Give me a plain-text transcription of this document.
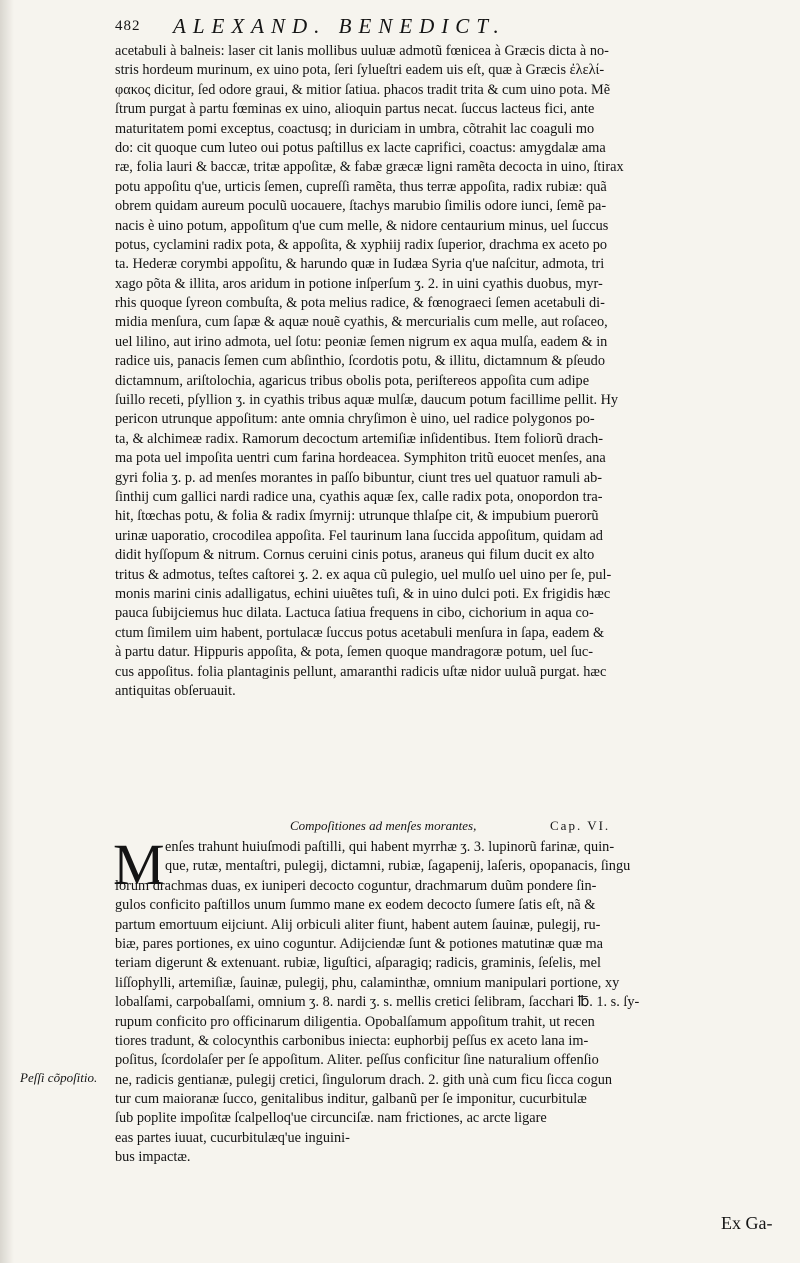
482 ALEXAND. BENEDICT.
acetabuli à balneis: laser cit lanis mollibus uuluæ admotũ fœnicea à Græcis dicta à no-
stris hordeum murinum, ex uino pota, ſeri ſylueſtri eadem uis eſt, quæ à Græcis ἐλελί-
φακος dicitur, ſed odore graui, & mitior ſatiua. phacos tradit trita & cum uino pota. Mẽ
ſtrum purgat à partu fœminas ex uino, alioquin partus necat. ſuccus lacteus fici, ante
maturitatem pomi exceptus, coactusq; in duriciam in umbra, cõtrahit lac coaguli mo
do: cit quoque cum luteo oui potus paſtillus ex lacte caprifici, coactus: amygdalæ ama
ræ, folia lauri & baccæ, tritæ appoſitæ, & fabæ græcæ ligni ramẽta decocta in uino, ſtirax
potu appoſitu q'ue, urticis ſemen, cupreſſi ramẽta, thus terræ appoſita, radix rubiæ: quã
obrem quidam aureum poculũ uocauere, ſtachys marubio ſimilis odore iunci, ſemẽ pa-
nacis è uino potum, appoſitum q'ue cum melle, & nidore centaurium minus, uel ſuccus
potus, cyclamini radix pota, & appoſita, & xyphiĳ radix ſuperior, drachma ex aceto po
ta. Hederæ corymbi appoſitu, & harundo quæ in Iudæa Syria q'ue naſcitur, admota, tri
xago põta & illita, aros aridum in potione inſperſum ʒ. 2. in uini cyathis duobus, myr-
rhis quoque ſyreon combuſta, & pota melius radice, & fœnograeci ſemen acetabuli di-
midia menſura, cum ſapæ & aquæ nouẽ cyathis, & mercurialis cum melle, aut roſaceo,
uel lilino, aut irino admota, uel ſotu: peoniæ ſemen nigrum ex aqua mulſa, eadem & in
radice uis, panacis ſemen cum abſinthio, ſcordotis potu, & illitu, dictamnum & pſeudo
dictamnum, ariſtolochia, agaricus tribus obolis pota, periſtereos appoſita cum adipe
ſuillo receti, pſyllion ʒ. in cyathis tribus aquæ mulſæ, daucum potum facillime pellit. Hy
pericon utrunque appoſitum: ante omnia chryſimon è uino, uel radice polygonos po-
ta, & alchimeæ radix. Ramorum decoctum artemiſiæ inſidentibus. Item foliorũ drach-
ma pota uel impoſita uentri cum farina hordeacea. Symphiton tritũ euocet menſes, ana
gyri folia ʒ. p. ad menſes morantes in paſſo bibuntur, ciunt tres uel quatuor ramuli ab-
ſinthĳ cum gallici nardi radice una, cyathis aquæ ſex, calle radix pota, onopordon tra-
hit, ſtœchas potu, & folia & radix ſmyrnĳ: utrunque thlaſpe cit, & impubium puerorũ
urinæ uaporatio, crocodilea appoſita. Fel taurinum lana ſuccida appoſitum, quidam ad
didit hyſſopum & nitrum. Cornus ceruini cinis potus, araneus qui filum ducit ex alto
tritus & admotus, teſtes caſtorei ʒ. 2. ex aqua cũ pulegio, uel mulſo uel uino per ſe, pul-
monis marini cinis adalligatus, echini uiuẽtes tuſi, & in uino dulci poti. Ex frigidis hæc
pauca ſubĳciemus huc dilata. Lactuca ſatiua frequens in cibo, cichorium in aqua co-
ctum ſimilem uim habent, portulacæ ſuccus potus acetabuli menſura in ſapa, eadem &
à partu datur. Hippuris appoſita, & pota, ſemen quoque mandragoræ potum, uel ſuc-
cus appoſitus. folia plantaginis pellunt, amaranthi radicis uſtæ nidor uuluã purgat. hæc
antiquitas obſeruauit.
Compoſitiones ad menſes morantes,	Cap. VI.
M enſes trahunt huiuſmodi paſtilli, qui habent myrrhæ ʒ. 3. lupinorũ farinæ, quin-
que, rutæ, mentaſtri, pulegĳ, dictamni, rubiæ, ſagapenĳ, laſeris, opopanacis, ſingu
lorum drachmas duas, ex iuniperi decocto coguntur, drachmarum duũm pondere ſin-
gulos conficito paſtillos unum ſummo mane ex eodem decocto ſumere ſatis eſt, nã &
partum emortuum eĳciunt. Alĳ orbiculi aliter fiunt, habent autem ſauinæ, pulegĳ, ru-
biæ, pares portiones, ex uino coguntur. Adĳciendæ ſunt & potiones matutinæ quæ ma
teriam digerunt & extenuant. rubiæ, liguſtici, aſparagiq; radicis, graminis, ſeſelis, mel
liſſophylli, artemiſiæ, ſauinæ, pulegĳ, phu, calaminthæ, omnium manipulari portione, xy
lobalſami, carpobalſami, omnium ʒ. 8. nardi ʒ. s. mellis cretici ſelibram, ſacchari ℔. 1. s. ſy-
rupum conficito pro officinarum diligentia. Opobalſamum appoſitum trahit, ut recen
tiores tradunt, & colocynthis carbonibus iniecta: euphorbĳ peſſus ex aceto lana im-
poſitus, ſcordolaſer per ſe appoſitum. Aliter. peſſus conficitur ſine naturalium offenſio
ne, radicis gentianæ, pulegĳ cretici, ſingulorum drach. 2. gith unà cum ficu ſicca cogun
tur cum maioranæ ſucco, genitalibus inditur, galbanũ per ſe imponitur, cucurbitulæ
ſub poplite impoſitæ ſcalpelloq'ue circunciſæ. nam frictiones, ac arcte ligare
eas partes iuuat, cucurbitulæq'ue inguini-
bus impactæ.
Peſſi cõpoſitio.
Ex Ga-
